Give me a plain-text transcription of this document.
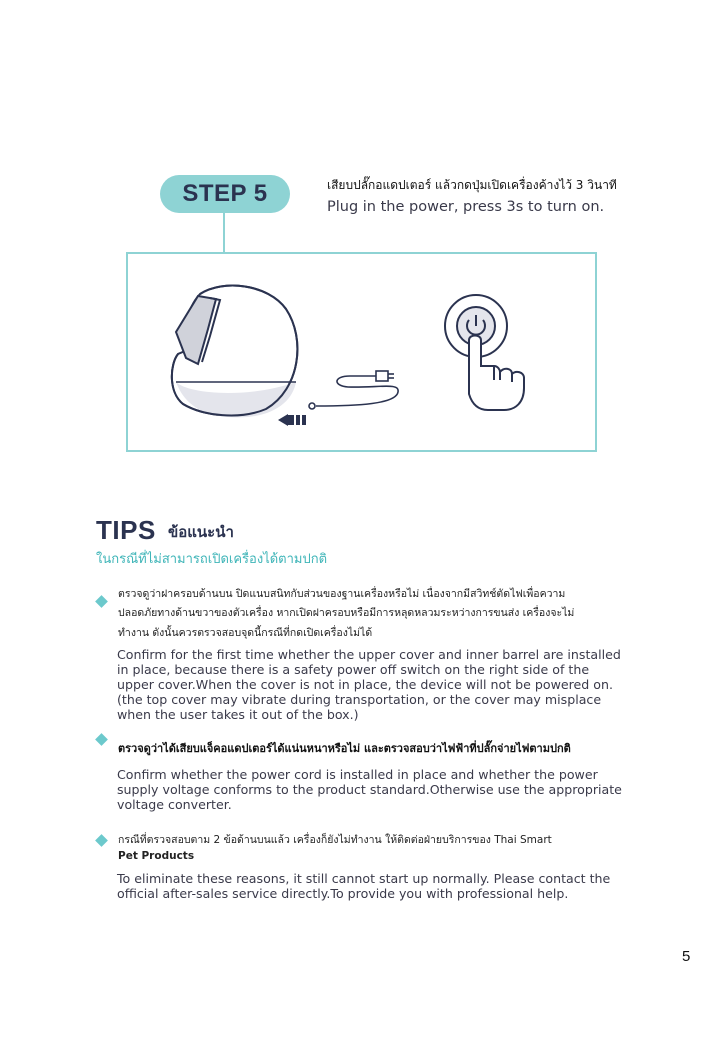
STEP 5	เสียบปลั๊กอแดปเตอร์ แล้วกดปุ่มเปิดเครื่องค้างไว้ 3 วินาที
Plug in the power, press 3s to turn on.
TIPS ข้อแนะนำ
ในกรณีที่ไม่สามารถเปิดเครื่องได้ตามปกติ
ตรวจดูว่าฝาครอบด้านบน ปิดแนบสนิทกับส่วนของฐานเครื่องหรือไม่ เนื่องจากมีสวิทช์ตัดไฟเพื่อความ
ปลอดภัยทางด้านขวาของตัวเครื่อง หากเปิดฝาครอบหรือมีการหลุดหลวมระหว่างการขนส่ง เครื่องจะไม่
ทำงาน ดังนั้นควรตรวจสอบจุดนี้กรณีที่กดเปิดเครื่องไม่ได้
Confirm for the first time whether the upper cover and inner barrel are installed
in place, because there is a safety power off switch on the right side of the
upper cover.When the cover is not in place, the device will not be powered on.
(the top cover may vibrate during transportation, or the cover may misplace
when the user takes it out of the box.)
ตรวจดูว่าได้เสียบแจ็คอแดปเตอร์ได้แน่นหนาหรือไม่ และตรวจสอบว่าไฟฟ้าที่ปลั๊กจ่ายไฟตามปกติ
Confirm whether the power cord is installed in place and whether the power
supply voltage conforms to the product standard.Otherwise use the appropriate
voltage converter.
กรณีที่ตรวจสอบตาม 2 ข้อด้านบนแล้ว เครื่องก็ยังไม่ทำงาน ให้ติดต่อฝ่ายบริการของ Thai Smart
Pet Products
To eliminate these reasons, it still cannot start up normally. Please contact the
official after-sales service directly.To provide you with professional help.
5
